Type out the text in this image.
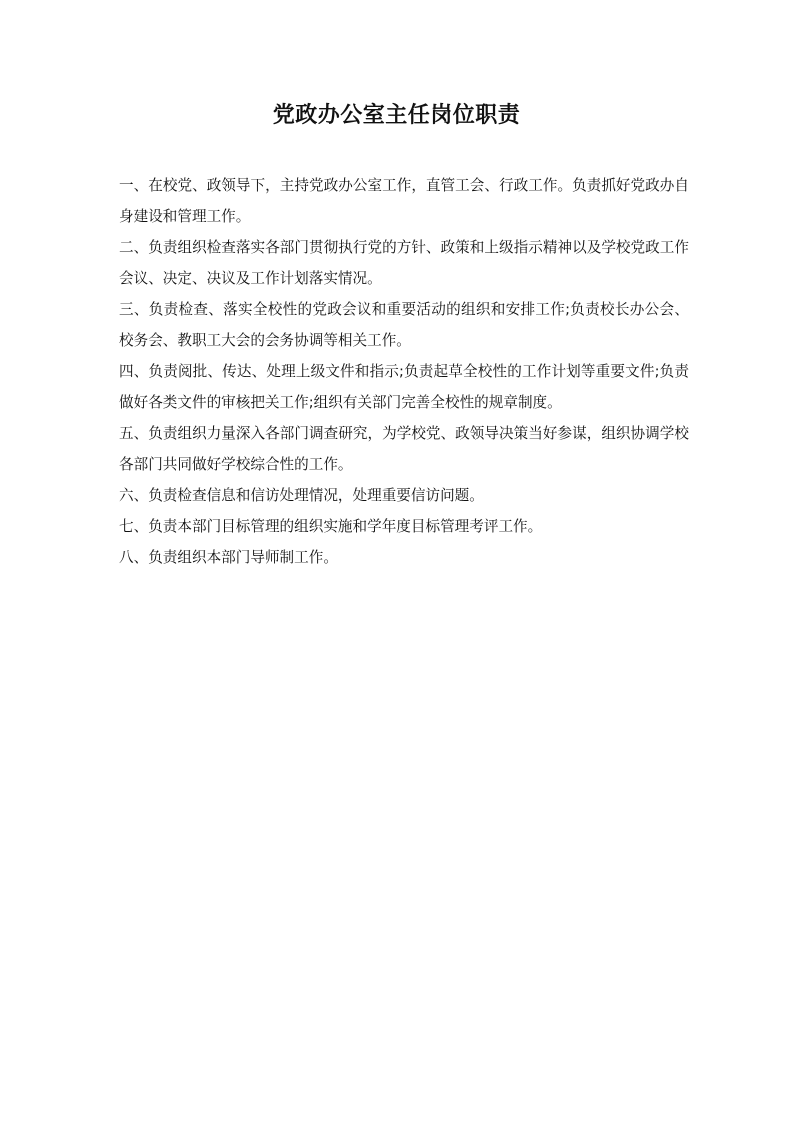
党政办公室主任岗位职责

一、在校党、政领导下，主持党政办公室工作，直管工会、行政工作。负责抓好党政办自身建设和管理工作。

二、负责组织检查落实各部门贯彻执行党的方针、政策和上级指示精神以及学校党政工作会议、决定、决议及工作计划落实情况。

三、负责检查、落实全校性的党政会议和重要活动的组织和安排工作;负责校长办公会、校务会、教职工大会的会务协调等相关工作。

四、负责阅批、传达、处理上级文件和指示;负责起草全校性的工作计划等重要文件;负责做好各类文件的审核把关工作;组织有关部门完善全校性的规章制度。

五、负责组织力量深入各部门调查研究，为学校党、政领导决策当好参谋，组织协调学校各部门共同做好学校综合性的工作。

六、负责检查信息和信访处理情况，处理重要信访问题。

七、负责本部门目标管理的组织实施和学年度目标管理考评工作。

八、负责组织本部门导师制工作。
